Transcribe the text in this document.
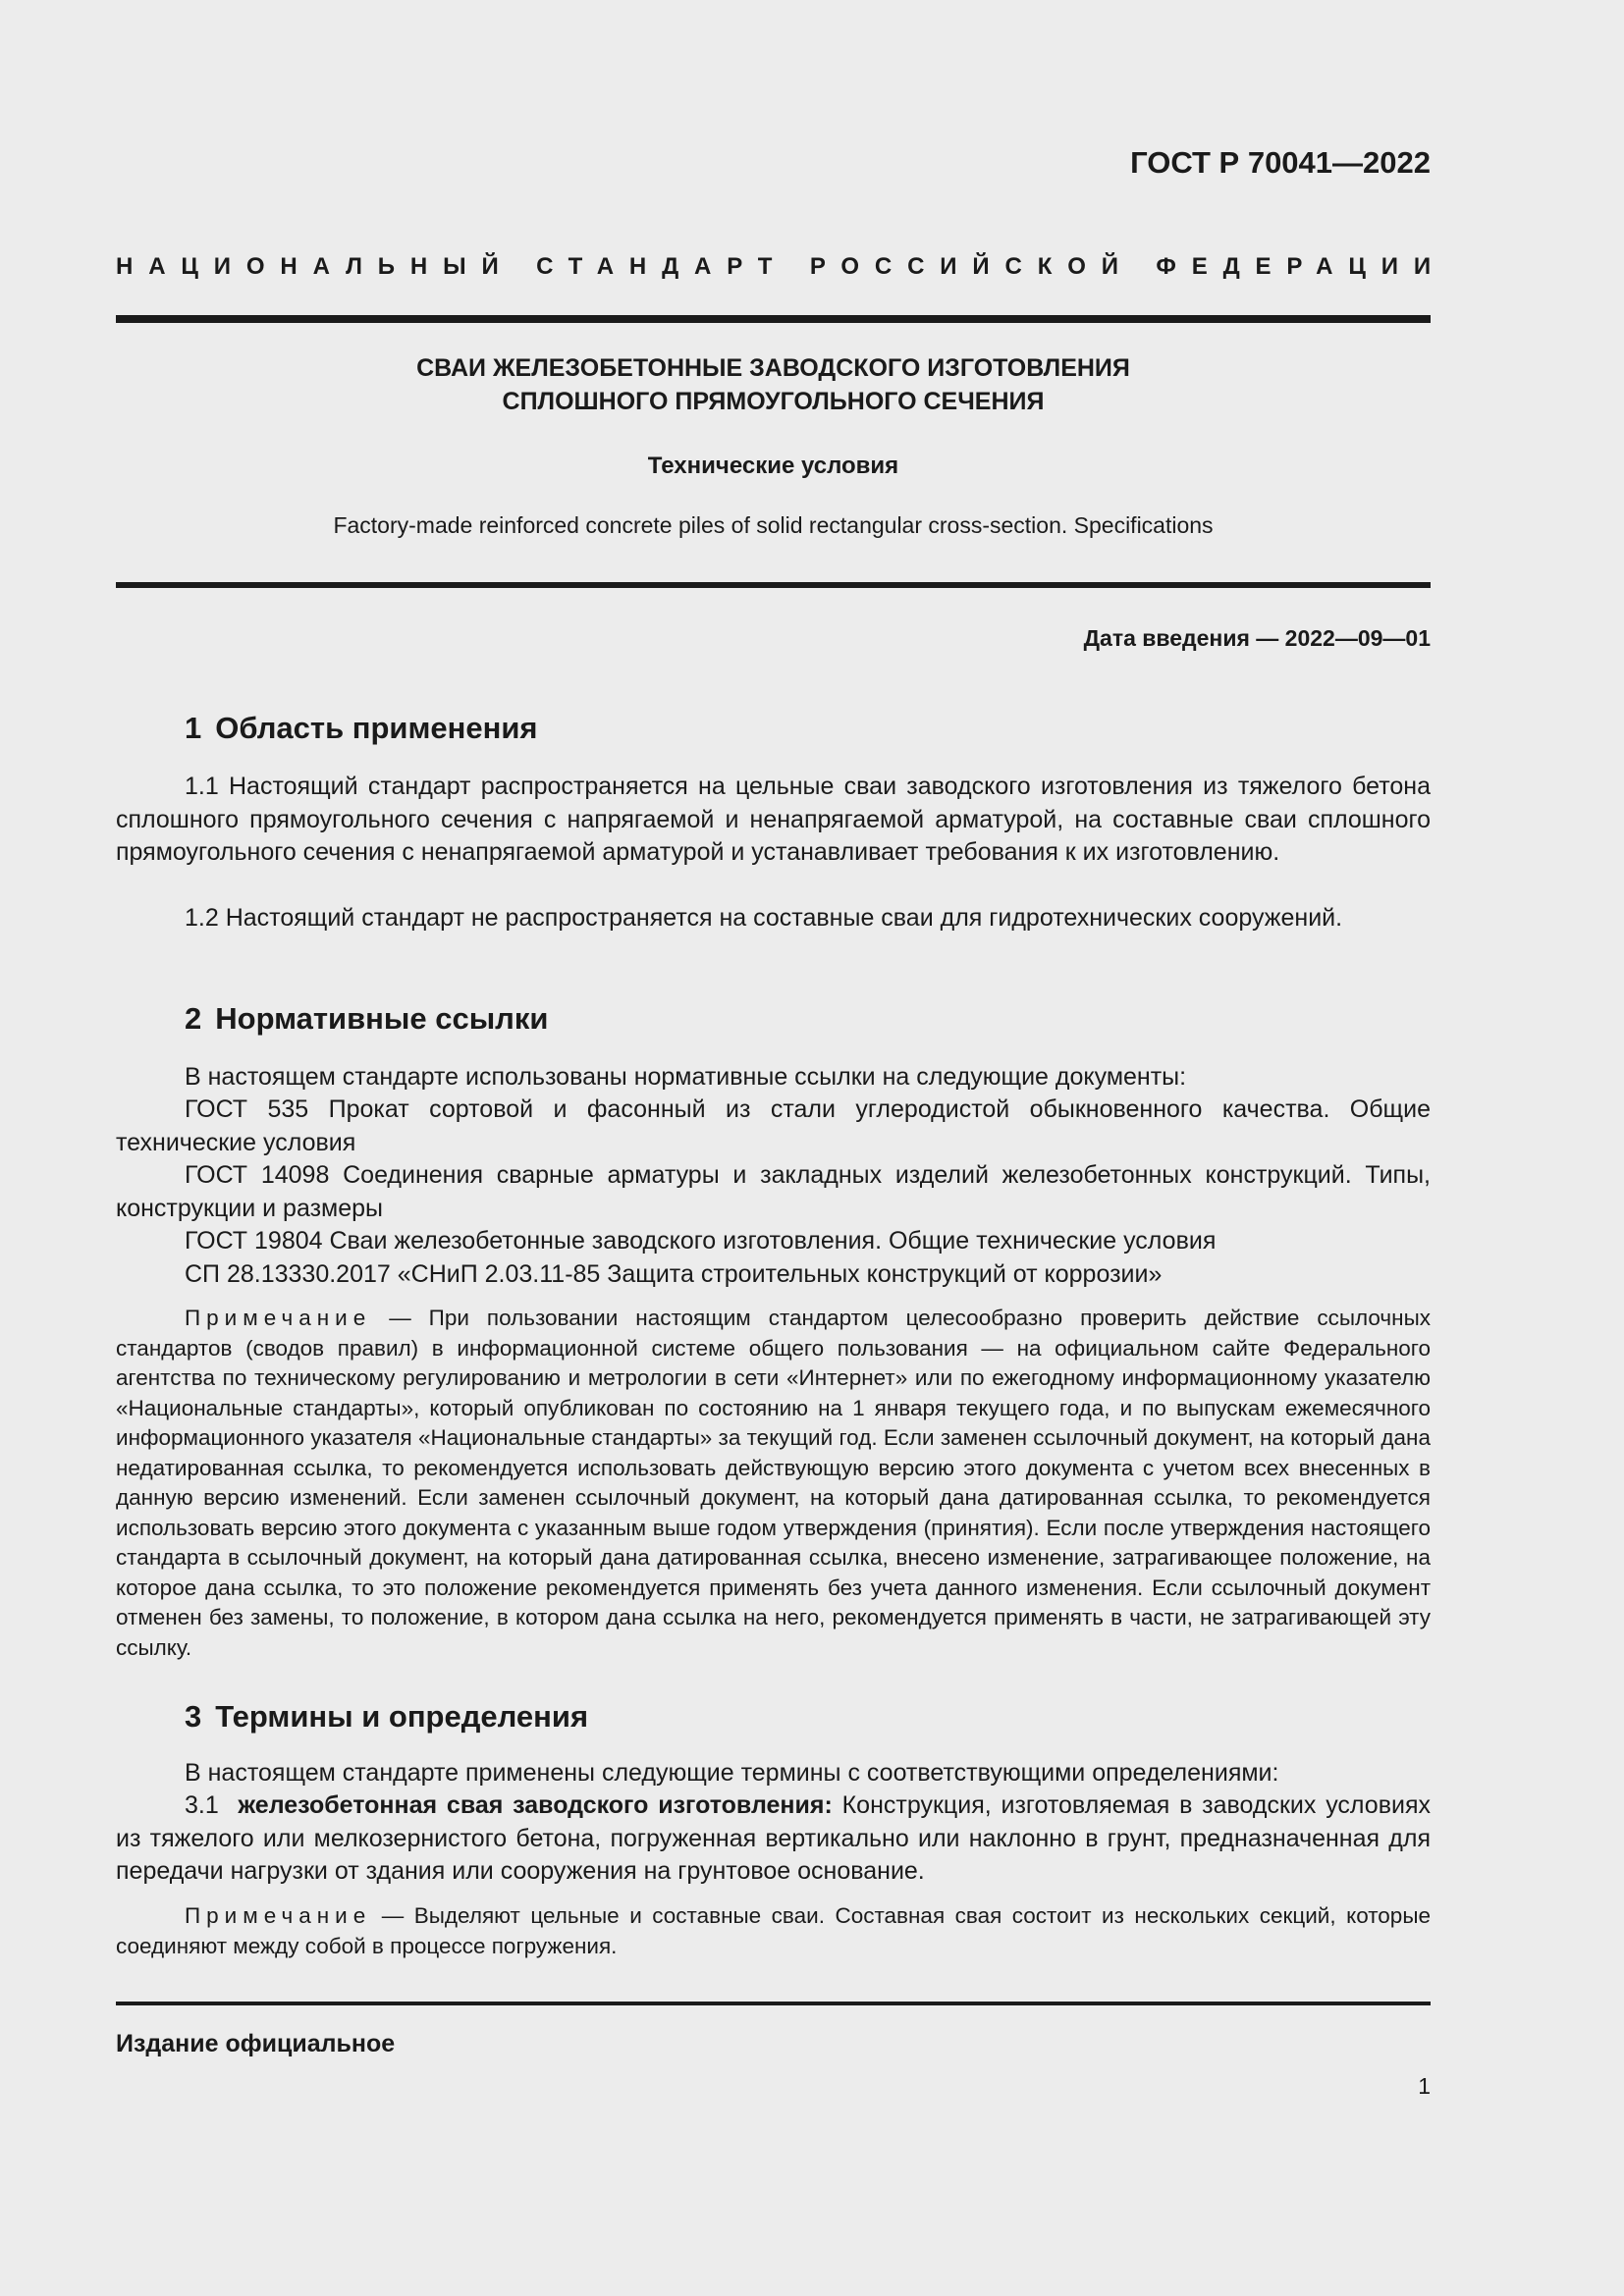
ГОСТ Р 70041—2022
НАЦИОНАЛЬНЫЙ СТАНДАРТ РОССИЙСКОЙ ФЕДЕРАЦИИ
СВАИ ЖЕЛЕЗОБЕТОННЫЕ ЗАВОДСКОГО ИЗГОТОВЛЕНИЯ
СПЛОШНОГО ПРЯМОУГОЛЬНОГО СЕЧЕНИЯ
Технические условия
Factory-made reinforced concrete piles of solid rectangular cross-section. Specifications
Дата введения — 2022—09—01
1 Область применения
1.1 Настоящий стандарт распространяется на цельные сваи заводского изготовления из тяжелого бетона сплошного прямоугольного сечения с напрягаемой и ненапрягаемой арматурой, на составные сваи сплошного прямоугольного сечения с ненапрягаемой арматурой и устанавливает требования к их изготовлению.
1.2 Настоящий стандарт не распространяется на составные сваи для гидротехнических сооружений.
2 Нормативные ссылки
В настоящем стандарте использованы нормативные ссылки на следующие документы:
ГОСТ 535 Прокат сортовой и фасонный из стали углеродистой обыкновенного качества. Общие технические условия
ГОСТ 14098 Соединения сварные арматуры и закладных изделий железобетонных конструкций. Типы, конструкции и размеры
ГОСТ 19804 Сваи железобетонные заводского изготовления. Общие технические условия
СП 28.13330.2017 «СНиП 2.03.11-85 Защита строительных конструкций от коррозии»
Примечание — При пользовании настоящим стандартом целесообразно проверить действие ссылочных стандартов (сводов правил) в информационной системе общего пользования — на официальном сайте Федерального агентства по техническому регулированию и метрологии в сети «Интернет» или по ежегодному информационному указателю «Национальные стандарты», который опубликован по состоянию на 1 января текущего года, и по выпускам ежемесячного информационного указателя «Национальные стандарты» за текущий год. Если заменен ссылочный документ, на который дана недатированная ссылка, то рекомендуется использовать действующую версию этого документа с учетом всех внесенных в данную версию изменений. Если заменен ссылочный документ, на который дана датированная ссылка, то рекомендуется использовать версию этого документа с указанным выше годом утверждения (принятия). Если после утверждения настоящего стандарта в ссылочный документ, на который дана датированная ссылка, внесено изменение, затрагивающее положение, на которое дана ссылка, то это положение рекомендуется применять без учета данного изменения. Если ссылочный документ отменен без замены, то положение, в котором дана ссылка на него, рекомендуется применять в части, не затрагивающей эту ссылку.
3 Термины и определения
В настоящем стандарте применены следующие термины с соответствующими определениями:
3.1 железобетонная свая заводского изготовления: Конструкция, изготовляемая в заводских условиях из тяжелого или мелкозернистого бетона, погруженная вертикально или наклонно в грунт, предназначенная для передачи нагрузки от здания или сооружения на грунтовое основание.
Примечание — Выделяют цельные и составные сваи. Составная свая состоит из нескольких секций, которые соединяют между собой в процессе погружения.
Издание официальное
1
